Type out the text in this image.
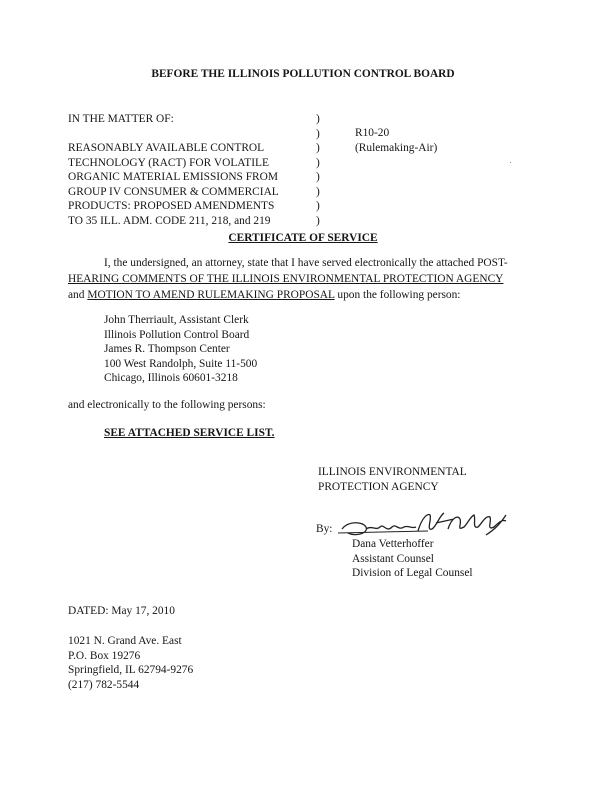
BEFORE THE ILLINOIS POLLUTION CONTROL BOARD
IN THE MATTER OF:

REASONABLY AVAILABLE CONTROL
TECHNOLOGY (RACT) FOR VOLATILE
ORGANIC MATERIAL EMISSIONS FROM
GROUP IV CONSUMER & COMMERCIAL
PRODUCTS: PROPOSED AMENDMENTS
TO 35 ILL. ADM. CODE 211, 218, and 219
)
)
)
)
)
)
)
)
R10-20
(Rulemaking-Air)
CERTIFICATE OF SERVICE
I, the undersigned, an attorney, state that I have served electronically the attached POST-
HEARING COMMENTS OF THE ILLINOIS ENVIRONMENTAL PROTECTION AGENCY
and MOTION TO AMEND RULEMAKING PROPOSAL upon the following person:
John Therriault, Assistant Clerk
Illinois Pollution Control Board
James R. Thompson Center
100 West Randolph, Suite 11-500
Chicago, Illinois 60601-3218
and electronically to the following persons:
SEE ATTACHED SERVICE LIST.
ILLINOIS ENVIRONMENTAL
PROTECTION AGENCY
By:
Dana Vetterhoffer
Assistant Counsel
Division of Legal Counsel
DATED: May 17, 2010
1021 N. Grand Ave. East
P.O. Box 19276
Springfield, IL 62794-9276
(217) 782-5544
